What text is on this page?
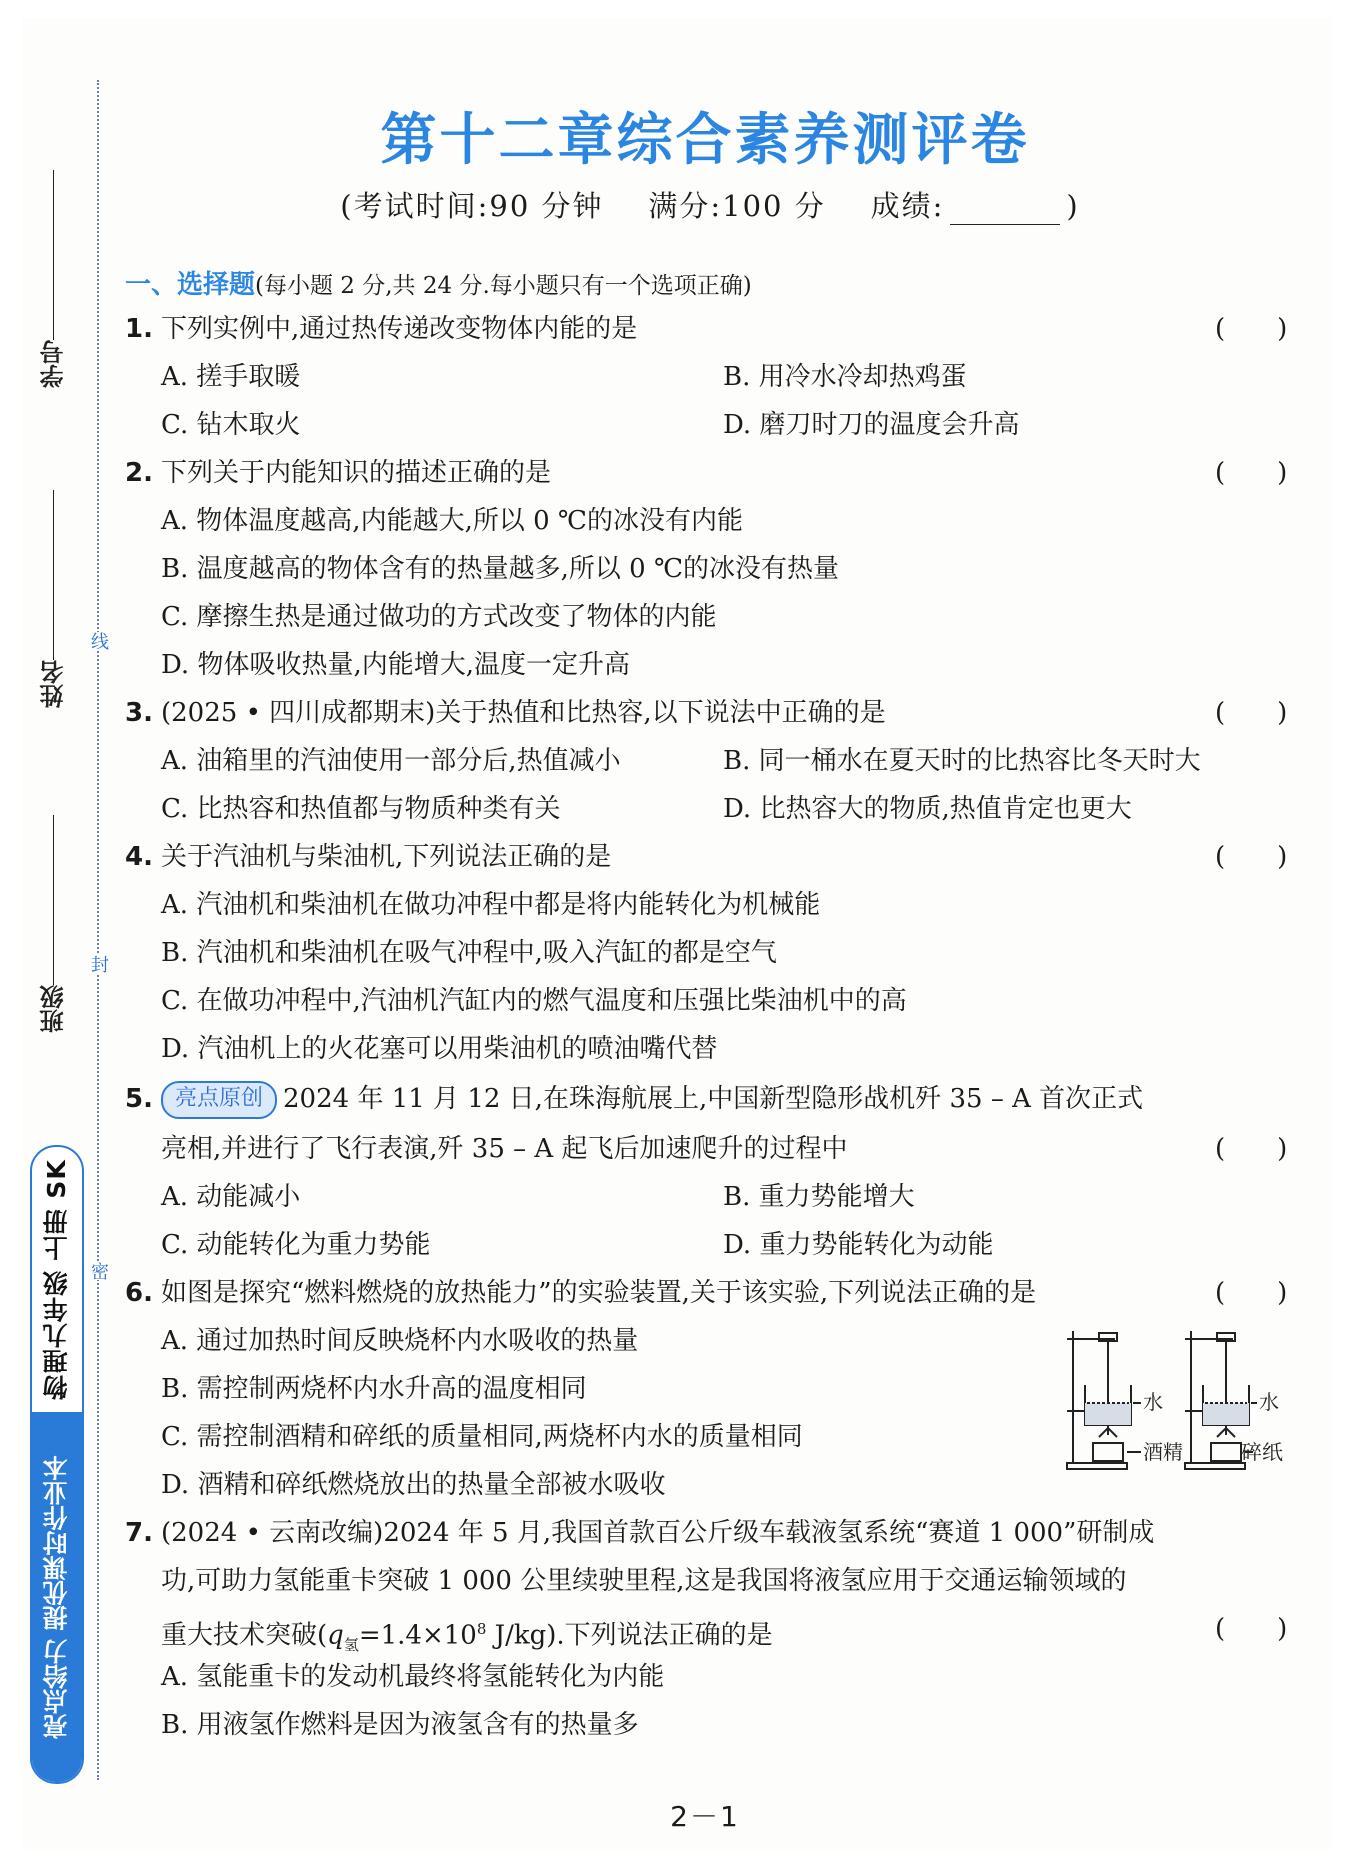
线
封
密
学号
姓名
班级
物理九年级 上册 SK
亮点给力 提优课时作业本
第十二章综合素养测评卷
(考试时间:90 分钟 满分:100 分 成绩:	)
一、选择题(每小题 2 分,共 24 分.每小题只有一个选项正确)
1. 下列实例中,通过热传递改变物体内能的是	(　　)
A. 搓手取暖	B. 用冷水冷却热鸡蛋
C. 钻木取火	D. 磨刀时刀的温度会升高
2. 下列关于内能知识的描述正确的是	(　　)
A. 物体温度越高,内能越大,所以 0 ℃的冰没有内能
B. 温度越高的物体含有的热量越多,所以 0 ℃的冰没有热量
C. 摩擦生热是通过做功的方式改变了物体的内能
D. 物体吸收热量,内能增大,温度一定升高
3. (2025 • 四川成都期末)关于热值和比热容,以下说法中正确的是	(　　)
A. 油箱里的汽油使用一部分后,热值减小	B. 同一桶水在夏天时的比热容比冬天时大
C. 比热容和热值都与物质种类有关	D. 比热容大的物质,热值肯定也更大
4. 关于汽油机与柴油机,下列说法正确的是	(　　)
A. 汽油机和柴油机在做功冲程中都是将内能转化为机械能
B. 汽油机和柴油机在吸气冲程中,吸入汽缸的都是空气
C. 在做功冲程中,汽油机汽缸内的燃气温度和压强比柴油机中的高
D. 汽油机上的火花塞可以用柴油机的喷油嘴代替
5.	亮点原创 2024 年 11 月 12 日,在珠海航展上,中国新型隐形战机歼 35 – A 首次正式
亮相,并进行了飞行表演,歼 35 – A 起飞后加速爬升的过程中	(　　)
A. 动能减小	B. 重力势能增大
C. 动能转化为重力势能	D. 重力势能转化为动能
6. 如图是探究“燃料燃烧的放热能力”的实验装置,关于该实验,下列说法正确的是	(　　)
A. 通过加热时间反映烧杯内水吸收的热量
B. 需控制两烧杯内水升高的温度相同
C. 需控制酒精和碎纸的质量相同,两烧杯内水的质量相同
D. 酒精和碎纸燃烧放出的热量全部被水吸收
水
酒精
水
碎纸
7. (2024 • 云南改编)2024 年 5 月,我国首款百公斤级车载液氢系统“赛道 1 000”研制成
功,可助力氢能重卡突破 1 000 公里续驶里程,这是我国将液氢应用于交通运输领域的
重大技术突破($q_氢=1.4\times 10^8$ J/kg).下列说法正确的是	(　　)
A. 氢能重卡的发动机最终将氢能转化为内能
B. 用液氢作燃料是因为液氢含有的热量多
2－1
